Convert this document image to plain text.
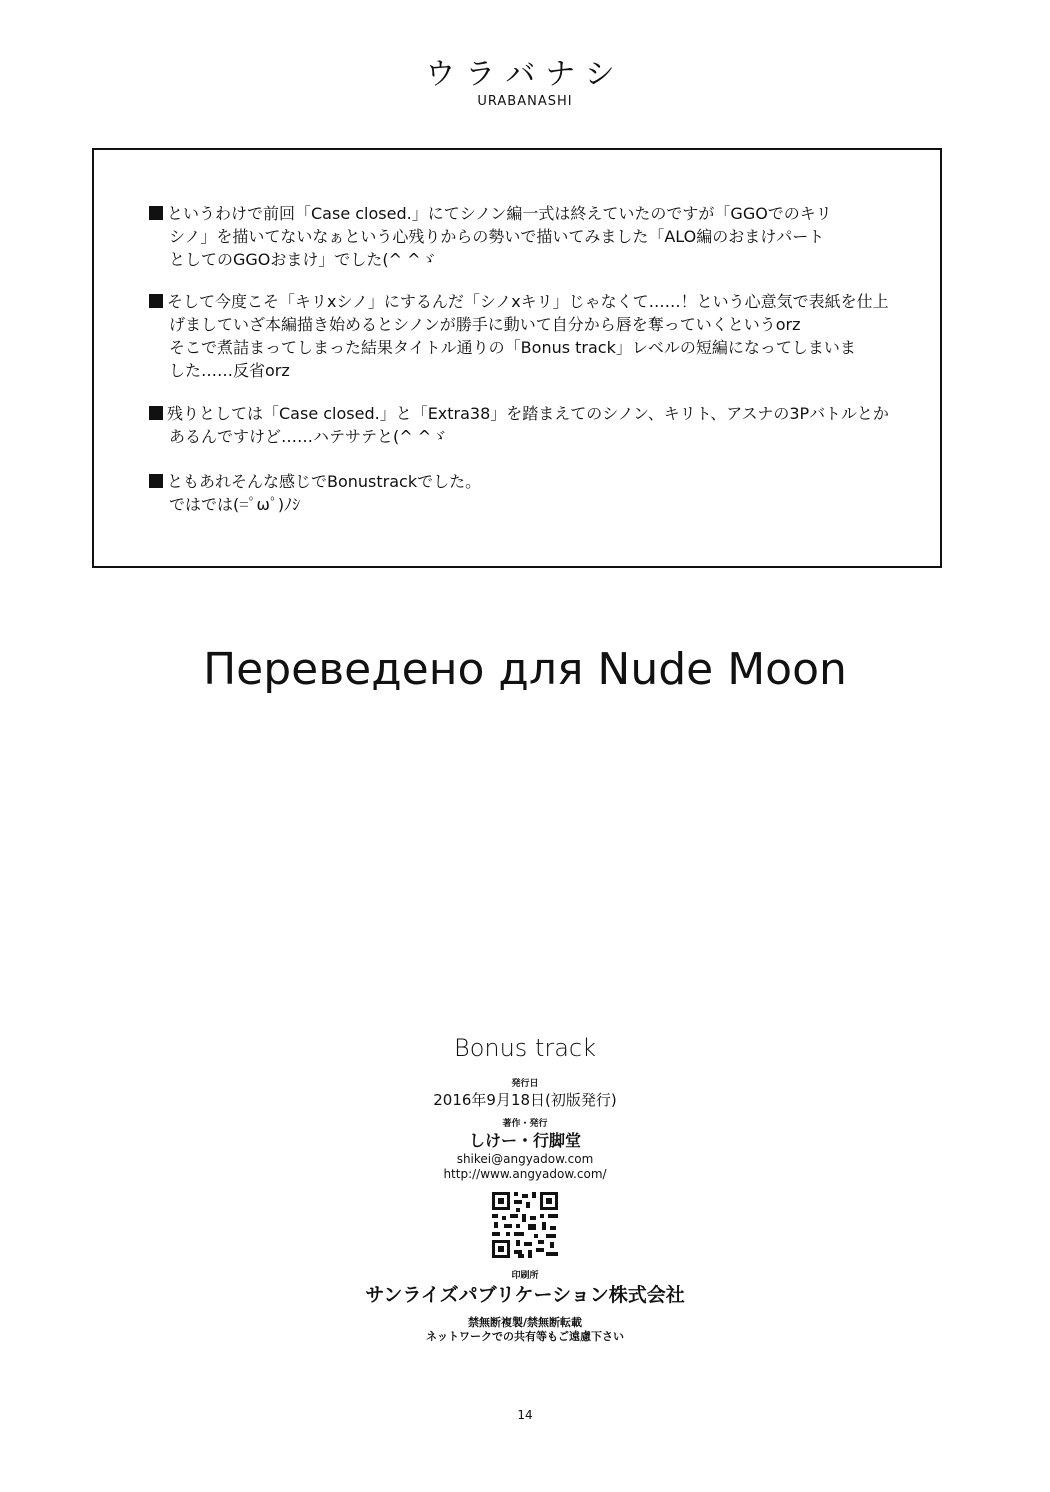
ウラバナシ
URABANASHI
というわけで前回「Case closed.」にてシノン編一式は終えていたのですが「GGOでのキリ
シノ」を描いてないなぁという心残りからの勢いで描いてみました「ALO編のおまけパート
としてのGGOおまけ」でした(^ ^ゞ
そして今度こそ「キリxシノ」にするんだ「シノxキリ」じゃなくて……！という心意気で表紙を仕上
げましていざ本編描き始めるとシノンが勝手に動いて自分から唇を奪っていくというorz
そこで煮詰まってしまった結果タイトル通りの「Bonus track」レベルの短編になってしまいま
した……反省orz
残りとしては「Case closed.」と「Extra38」を踏まえてのシノン、キリト、アスナの3Pバトルとか
あるんですけど……ハテサテと(^ ^ゞ
ともあれそんな感じでBonustrackでした。
ではでは(=ﾟωﾟ)ﾉｼ
Переведено для Nude Moon
Bonus track
発行日
2016年9月18日(初版発行)
著作・発行
しけー・行脚堂
shikei@angyadow.com
http://www.angyadow.com/
印刷所
サンライズパブリケーション株式会社
禁無断複製/禁無断転載
ネットワークでの共有等もご遠慮下さい
14
